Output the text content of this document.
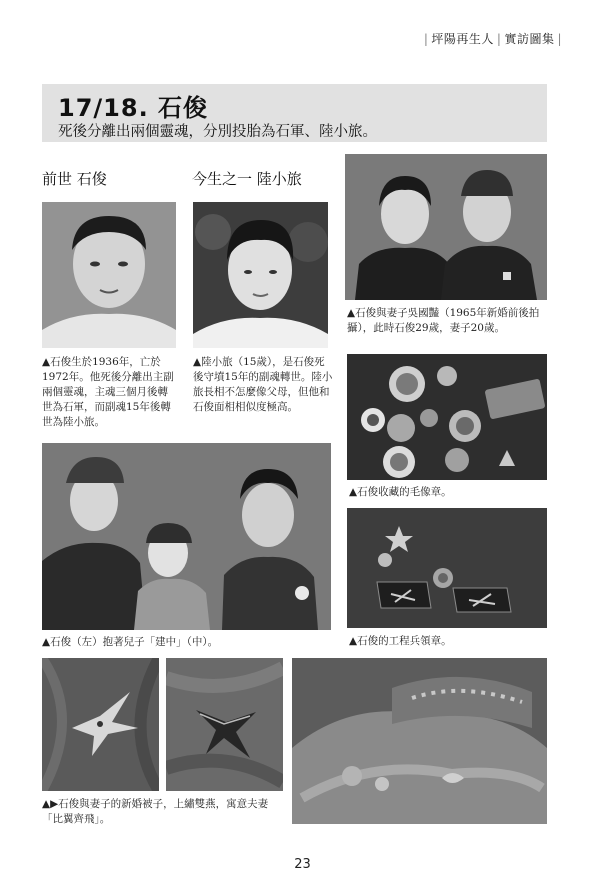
| 坪陽再生人 | 實訪圖集 |
17/18. 石俊
死後分離出兩個靈魂，分別投胎為石軍、陸小旅。
前世 石俊	今生之一 陸小旅

▲石俊生於1936年，亡於1972年。他死後分離出主副兩個靈魂，主魂三個月後轉世為石軍，而副魂15年後轉世為陸小旅。

▲陸小旅（15歲），是石俊死後守墳15年的副魂轉世。陸小旅長相不怎麼像父母，但他和石俊面相相似度極高。

▲石俊與妻子吳國豔（1965年新婚前後拍攝），此時石俊29歲，妻子20歲。

▲石俊收藏的毛像章。

▲石俊（左）抱著兒子「建中」（中）。	▲石俊的工程兵領章。

▲▶石俊與妻子的新婚被子，上繡雙燕，寓意夫妻「比翼齊飛」。

23
